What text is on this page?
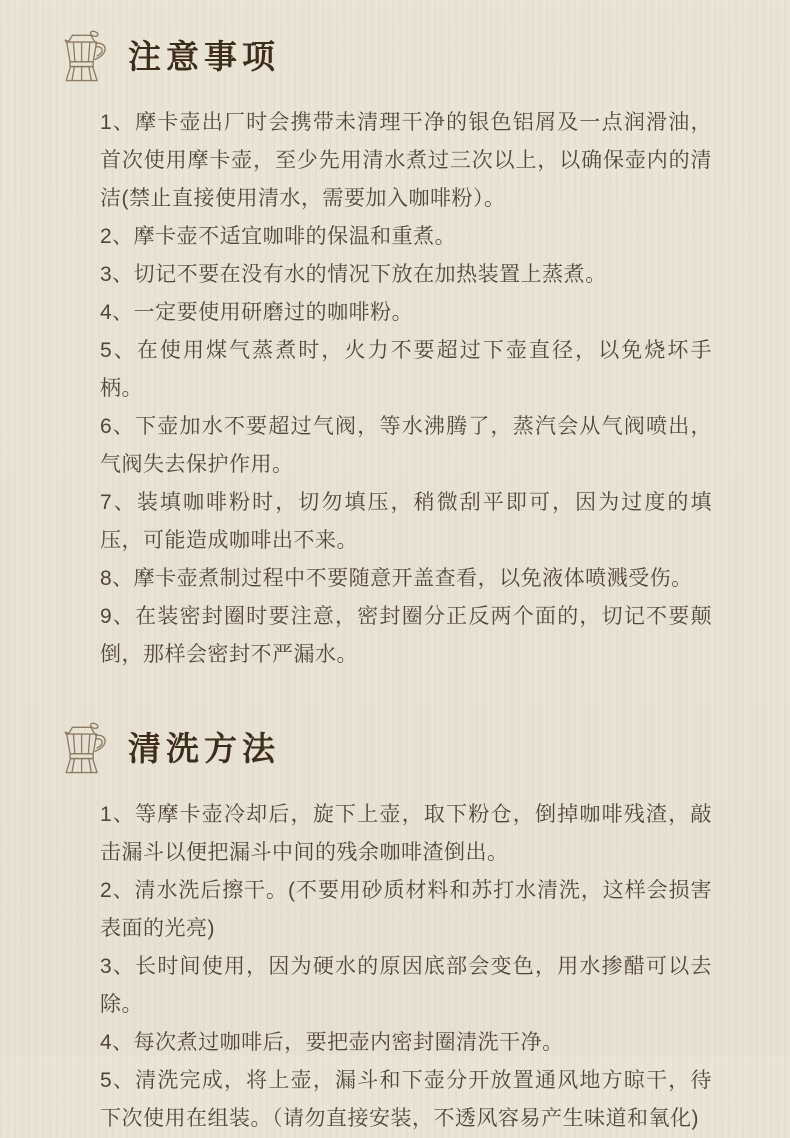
注意事项
1、摩卡壶出厂时会携带未清理干净的银色铝屑及一点润滑油，首次使用摩卡壶，至少先用清水煮过三次以上，以确保壶内的清洁(禁止直接使用清水，需要加入咖啡粉）。
2、摩卡壶不适宜咖啡的保温和重煮。
3、切记不要在没有水的情况下放在加热装置上蒸煮。
4、一定要使用研磨过的咖啡粉。
5、在使用煤气蒸煮时，火力不要超过下壶直径，以免烧坏手柄。
6、下壶加水不要超过气阀，等水沸腾了，蒸汽会从气阀喷出，气阀失去保护作用。
7、装填咖啡粉时，切勿填压，稍微刮平即可，因为过度的填压，可能造成咖啡出不来。
8、摩卡壶煮制过程中不要随意开盖查看，以免液体喷溅受伤。
9、在装密封圈时要注意，密封圈分正反两个面的，切记不要颠倒，那样会密封不严漏水。
清洗方法
1、等摩卡壶冷却后，旋下上壶，取下粉仓，倒掉咖啡残渣，敲击漏斗以便把漏斗中间的残余咖啡渣倒出。
2、清水洗后擦干。(不要用砂质材料和苏打水清洗，这样会损害表面的光亮)
3、长时间使用，因为硬水的原因底部会变色，用水掺醋可以去除。
4、每次煮过咖啡后，要把壶内密封圈清洗干净。
5、清洗完成，将上壶，漏斗和下壶分开放置通风地方晾干，待下次使用在组装。（请勿直接安装，不透风容易产生味道和氧化)
